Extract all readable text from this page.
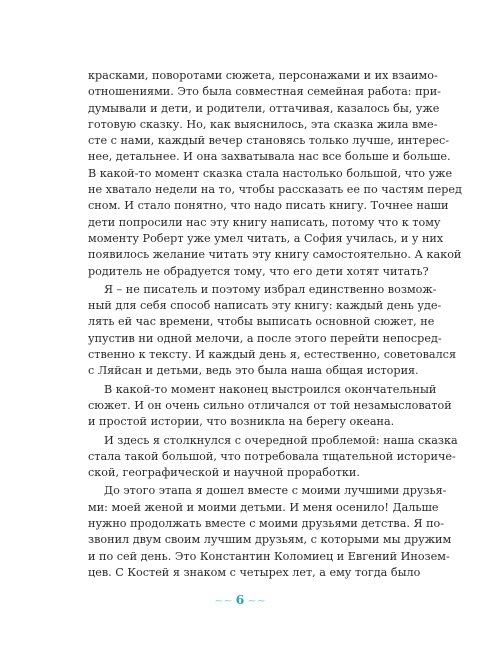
красками, поворотами сюжета, персонажами и их взаимо-
отношениями. Это была совместная семейная работа: при-
думывали и дети, и родители, оттачивая, казалось бы, уже
готовую сказку. Но, как выяснилось, эта сказка жила вме-
сте с нами, каждый вечер становясь только лучше, интерес-
нее, детальнее. И она захватывала нас все больше и больше.
В какой-то момент сказка стала настолько большой, что уже
не хватало недели на то, чтобы рассказать ее по частям перед
сном. И стало понятно, что надо писать книгу. Точнее наши
дети попросили нас эту книгу написать, потому что к тому
моменту Роберт уже умел читать, а София училась, и у них
появилось желание читать эту книгу самостоятельно. А какой
родитель не обрадуется тому, что его дети хотят читать?
Я – не писатель и поэтому избрал единственно возмож-
ный для себя способ написать эту книгу: каждый день уде-
лять ей час времени, чтобы выписать основной сюжет, не
упустив ни одной мелочи, а после этого перейти непосред-
ственно к тексту. И каждый день я, естественно, советовался
с Ляйсан и детьми, ведь это была наша общая история.
В какой-то момент наконец выстроился окончательный
сюжет. И он очень сильно отличался от той незамысловатой
и простой истории, что возникла на берегу океана.
И здесь я столкнулся с очередной проблемой: наша сказка
стала такой большой, что потребовала тщательной историче-
ской, географической и научной проработки.
До этого этапа я дошел вместе с моими лучшими друзья-
ми: моей женой и моими детьми. И меня осенило! Дальше
нужно продолжать вместе с моими друзьями детства. Я по-
звонил двум своим лучшим друзьям, с которыми мы дружим
и по сей день. Это Константин Коломиец и Евгений Инозем-
цев. С Костей я знаком с четырех лет, а ему тогда было
~~ 6 ~~
